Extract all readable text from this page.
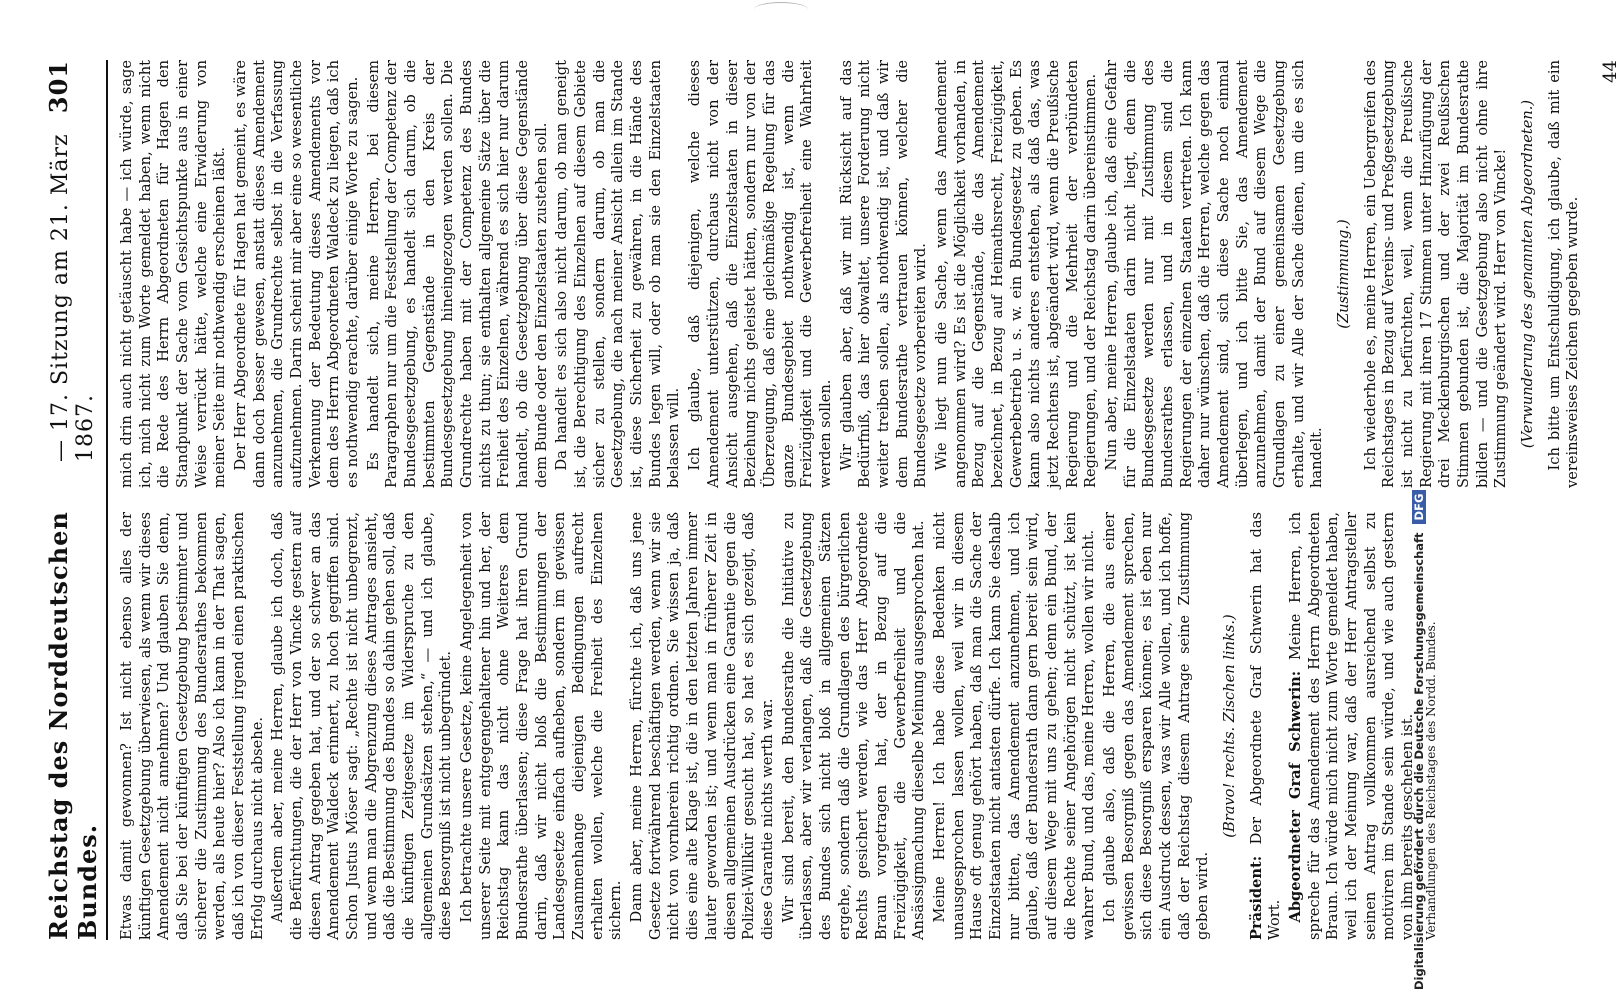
Reichstag des Norddeutschen Bundes.
— 17. Sitzung am 21. März 1867.
301

Etwas damit gewonnen? Ist nicht ebenso alles der künftigen Gesetzgebung überwiesen, als wenn wir dieses Amendement nicht annehmen? Und glauben Sie denn, daß Sie bei der künftigen Gesetzgebung bestimmter und sicherer die Zustimmung des Bundesrathes bekommen werden, als heute hier? Also ich kann in der That sagen, daß ich von dieser Feststellung irgend einen praktischen Erfolg durchaus nicht absehe. Außerdem aber, meine Herren, glaube ich doch, daß die Befürchtungen, die der Herr von Vincke gestern auf diesen Antrag gegeben hat, und der so schwer an das Amendement Waldeck erinnert, zu hoch gegriffen sind. Schon Justus Möser sagt: „Rechte ist nicht unbegrenzt, und wenn man die Abgrenzung dieses Antrages ansieht, daß die Bestimmung des Bundes so dahin gehen soll, daß die künftigen Zeitgesetze im Widerspruche zu den allgemeinen Grundsätzen stehen,“ — und ich glaube, diese Besorgniß ist nicht unbegründet. Ich betrachte unsere Gesetze, keine Angelegenheit von unserer Seite mit entgegengehaltener hin und her, der Reichstag kann das nicht ohne Weiteres dem Bundesrathe überlassen; diese Frage hat ihren Grund darin, daß wir nicht bloß die Bestimmungen der Landesgesetze einfach aufheben, sondern im gewissen Zusammenhange diejenigen Bedingungen aufrecht erhalten wollen, welche die Freiheit des Einzelnen sichern. Dann aber, meine Herren, fürchte ich, daß uns jene Gesetze fortwährend beschäftigen werden, wenn wir sie nicht von vornherein richtig ordnen. Sie wissen ja, daß dies eine alte Klage ist, die in den letzten Jahren immer lauter geworden ist; und wenn man in früherer Zeit in diesen allgemeinen Ausdrücken eine Garantie gegen die Polizei-Willkür gesucht hat, so hat es sich gezeigt, daß diese Garantie nichts werth war. Wir sind bereit, den Bundesrathe die Initiative zu überlassen, aber wir verlangen, daß die Gesetzgebung des Bundes sich nicht bloß in allgemeinen Sätzen ergehe, sondern daß die Grundlagen des bürgerlichen Rechts gesichert werden, wie das Herr Abgeordnete Braun vorgetragen hat, der in Bezug auf die Freizügigkeit, die Gewerbefreiheit und die Ansässigmachung dieselbe Meinung ausgesprochen hat. Meine Herren! Ich habe diese Bedenken nicht unausgesprochen lassen wollen, weil wir in diesem Hause oft genug gehört haben, daß man die Sache der Einzelstaaten nicht antasten dürfe. Ich kann Sie deshalb nur bitten, das Amendement anzunehmen, und ich glaube, daß der Bundesrath dann gern bereit sein wird, auf diesem Wege mit uns zu gehen; denn ein Bund, der die Rechte seiner Angehörigen nicht schützt, ist kein wahrer Bund, und das, meine Herren, wollen wir nicht. Ich glaube also, daß die Herren, die aus einer gewissen Besorgniß gegen das Amendement sprechen, sich diese Besorgniß ersparen können; es ist eben nur ein Ausdruck dessen, was wir Alle wollen, und ich hoffe, daß der Reichstag diesem Antrage seine Zustimmung geben wird.

(Bravo! rechts. Zischen links.)

Präsident: Der Abgeordnete Graf Schwerin hat das Wort. Abgeordneter Graf Schwerin: Meine Herren, ich spreche für das Amendement des Herrn Abgeordneten Braun. Ich würde mich nicht zum Worte gemeldet haben, weil ich der Meinung war, daß der Herr Antragsteller seinen Antrag vollkommen ausreichend selbst zu motiviren im Stande sein würde, und wie auch gestern von ihm bereits geschehen ist. Verhandlungen des Reichstages des Nordd. Bundes.

mich drin auch nicht getäuscht habe — ich würde, sage ich, mich nicht zum Worte gemeldet haben, wenn nicht die Rede des Herrn Abgeordneten für Hagen den Standpunkt der Sache vom Gesichtspunkte aus in einer Weise verrückt hätte, welche eine Erwiderung von meiner Seite mir nothwendig erscheinen läßt. Der Herr Abgeordnete für Hagen hat gemeint, es wäre dann doch besser gewesen, anstatt dieses Amendement anzunehmen, die Grundrechte selbst in die Verfassung aufzunehmen. Darin scheint mir aber eine so wesentliche Verkennung der Bedeutung dieses Amendements vor dem des Herrn Abgeordneten Waldeck zu liegen, daß ich es nothwendig erachte, darüber einige Worte zu sagen. Es handelt sich, meine Herren, bei diesem Paragraphen nur um die Feststellung der Competenz der Bundesgesetzgebung, es handelt sich darum, ob die bestimmten Gegenstände in den Kreis der Bundesgesetzgebung hineingezogen werden sollen. Die Grundrechte haben mit der Competenz des Bundes nichts zu thun; sie enthalten allgemeine Sätze über die Freiheit des Einzelnen, während es sich hier nur darum handelt, ob die Gesetzgebung über diese Gegenstände dem Bunde oder den Einzelstaaten zustehen soll. Da handelt es sich also nicht darum, ob man geneigt ist, die Berechtigung des Einzelnen auf diesem Gebiete sicher zu stellen, sondern darum, ob man die Gesetzgebung, die nach meiner Ansicht allein im Stande ist, diese Sicherheit zu gewähren, in die Hände des Bundes legen will, oder ob man sie den Einzelstaaten belassen will. Ich glaube, daß diejenigen, welche dieses Amendement unterstützen, durchaus nicht von der Ansicht ausgehen, daß die Einzelstaaten in dieser Beziehung nichts geleistet hätten, sondern nur von der Überzeugung, daß eine gleichmäßige Regelung für das ganze Bundesgebiet nothwendig ist, wenn die Freizügigkeit und die Gewerbefreiheit eine Wahrheit werden sollen. Wir glauben aber, daß wir mit Rücksicht auf das Bedürfniß, das hier obwaltet, unsere Forderung nicht weiter treiben sollen, als nothwendig ist, und daß wir dem Bundesrathe vertrauen können, welcher die Bundesgesetze vorbereiten wird. Wie liegt nun die Sache, wenn das Amendement angenommen wird? Es ist die Möglichkeit vorhanden, in Bezug auf die Gegenstände, die das Amendement bezeichnet, in Bezug auf Heimathsrecht, Freizügigkeit, Gewerbebetrieb u. s. w. ein Bundesgesetz zu geben. Es kann also nichts anderes entstehen, als daß das, was jetzt Rechtens ist, abgeändert wird, wenn die Preußische Regierung und die Mehrheit der verbündeten Regierungen, und der Reichstag darin übereinstimmen. Nun aber, meine Herren, glaube ich, daß eine Gefahr für die Einzelstaaten darin nicht liegt, denn die Bundesgesetze werden nur mit Zustimmung des Bundesrathes erlassen, und in diesem sind die Regierungen der einzelnen Staaten vertreten. Ich kann daher nur wünschen, daß die Herren, welche gegen das Amendement sind, sich diese Sache noch einmal überlegen, und ich bitte Sie, das Amendement anzunehmen, damit der Bund auf diesem Wege die Grundlagen zu einer gemeinsamen Gesetzgebung erhalte, und wir Alle der Sache dienen, um die es sich handelt.

(Zustimmung.) Ich wiederhole es, meine Herren, ein Uebergreifen des Reichstages in Bezug auf Vereins- und Preßgesetzgebung ist nicht zu befürchten, weil, wenn die Preußische Regierung mit ihren 17 Stimmen unter Hinzufügung der drei Mecklenburgischen und der zwei Reußischen Stimmen gebunden ist, die Majorität im Bundesrathe bilden — und die Gesetzgebung also nicht ohne ihre Zustimmung geändert wird. Herr von Vincke! (Verwunderung des genannten Abgeordneten.) Ich bitte um Entschuldigung, ich glaube, daß mit ein vereinsweises Zeichen gegeben wurde.

44

Digitalisierung gefördert durch die Deutsche ForschungsgemeinschaftDFG
